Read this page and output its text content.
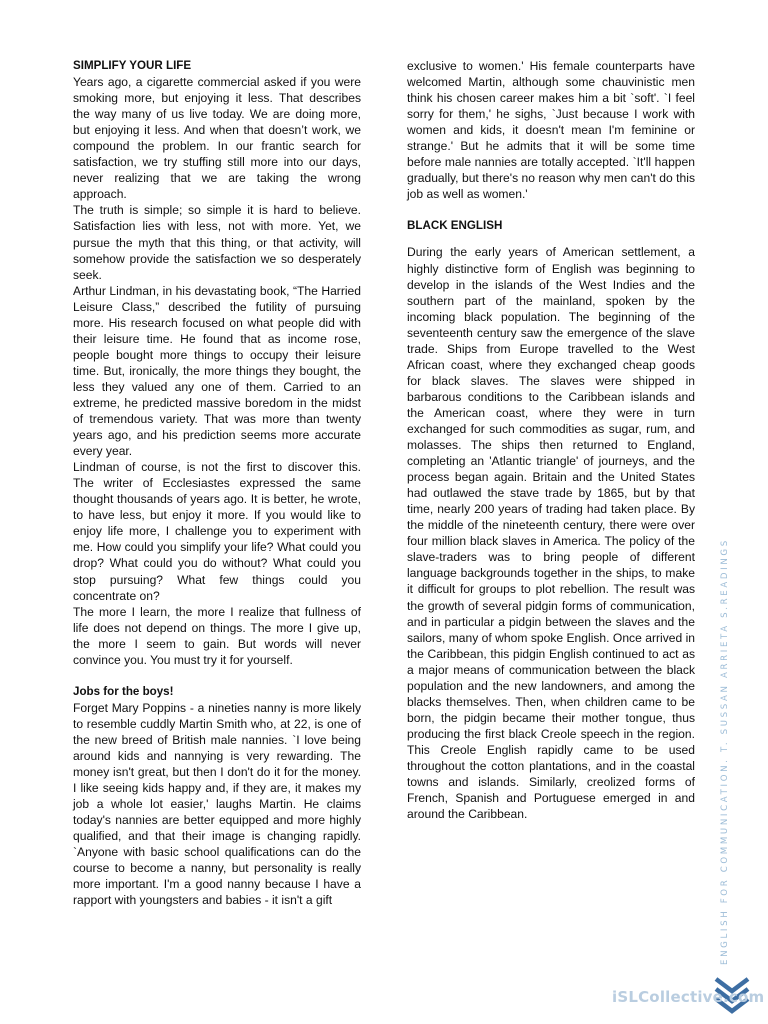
SIMPLIFY YOUR LIFE

Years ago, a cigarette commercial asked if you were smoking more, but enjoying it less. That describes the way many of us live today. We are doing more, but enjoying it less. And when that doesn’t work, we compound the problem. In our frantic search for satisfaction, we try stuffing still more into our days, never realizing that we are taking the wrong approach.

The truth is simple; so simple it is hard to believe. Satisfaction lies with less, not with more. Yet, we pursue the myth that this thing, or that activity, will somehow provide the satisfaction we so desperately seek.

Arthur Lindman, in his devastating book, “The Harried Leisure Class,” described the futility of pursuing more. His research focused on what people did with their leisure time. He found that as income rose, people bought more things to occupy their leisure time. But, ironically, the more things they bought, the less they valued any one of them. Carried to an extreme, he predicted massive boredom in the midst of tremendous variety. That was more than twenty years ago, and his prediction seems more accurate every year.

Lindman of course, is not the first to discover this. The writer of Ecclesiastes expressed the same thought thousands of years ago. It is better, he wrote, to have less, but enjoy it more. If you would like to enjoy life more, I challenge you to experiment with me. How could you simplify your life? What could you drop? What could you do without? What could you stop pursuing? What few things could you concentrate on?

The more I learn, the more I realize that fullness of life does not depend on things. The more I give up, the more I seem to gain. But words will never convince you. You must try it for yourself.

Jobs for the boys!

Forget Mary Poppins - a nineties nanny is more likely to resemble cuddly Martin Smith who, at 22, is one of the new breed of British male nannies. `I love being around kids and nannying is very rewarding. The money isn't great, but then I don't do it for the money. I like seeing kids happy and, if they are, it makes my job a whole lot easier,' laughs Martin. He claims today's nannies are better equipped and more highly qualified, and that their image is changing rapidly. `Anyone with basic school qualifications can do the course to become a nanny, but personality is really more important. I'm a good nanny because I have a rapport with youngsters and babies - it isn't a gift

exclusive to women.' His female counterparts have welcomed Martin, although some chauvinistic men think his chosen career makes him a bit `soft'. `I feel sorry for them,' he sighs, `Just because I work with women and kids, it doesn't mean I'm feminine or strange.' But he admits that it will be some time before male nannies are totally accepted. `It'll happen gradually, but there's no reason why men can't do this job as well as women.'

BLACK ENGLISH

During the early years of American settlement, a highly distinctive form of English was beginning to develop in the islands of the West Indies and the southern part of the mainland, spoken by the incoming black population. The beginning of the seventeenth century saw the emergence of the slave trade. Ships from Europe travelled to the West African coast, where they exchanged cheap goods for black slaves. The slaves were shipped in barbarous conditions to the Caribbean islands and the American coast, where they were in turn exchanged for such commodities as sugar, rum, and molasses. The ships then returned to England, completing an 'Atlantic triangle' of journeys, and the process began again. Britain and the United States had outlawed the stave trade by 1865, but by that time, nearly 200 years of trading had taken place. By the middle of the nineteenth century, there were over four million black slaves in America. The policy of the slave-traders was to bring people of different language backgrounds together in the ships, to make it difficult for groups to plot rebellion. The result was the growth of several pidgin forms of communication, and in particular a pidgin between the slaves and the sailors, many of whom spoke English. Once arrived in the Caribbean, this pidgin English continued to act as a major means of communication between the black population and the new landowners, and among the blacks themselves. Then, when children came to be born, the pidgin became their mother tongue, thus producing the first black Creole speech in the region. This Creole English rapidly came to be used throughout the cotton plantations, and in the coastal towns and islands. Similarly, creolized forms of French, Spanish and Portuguese emerged in and around the Caribbean.	ENGLISH FOR COMMUNICATION. T. SUSSAN ARRIETA S.READINGS
iSLCollective.com
